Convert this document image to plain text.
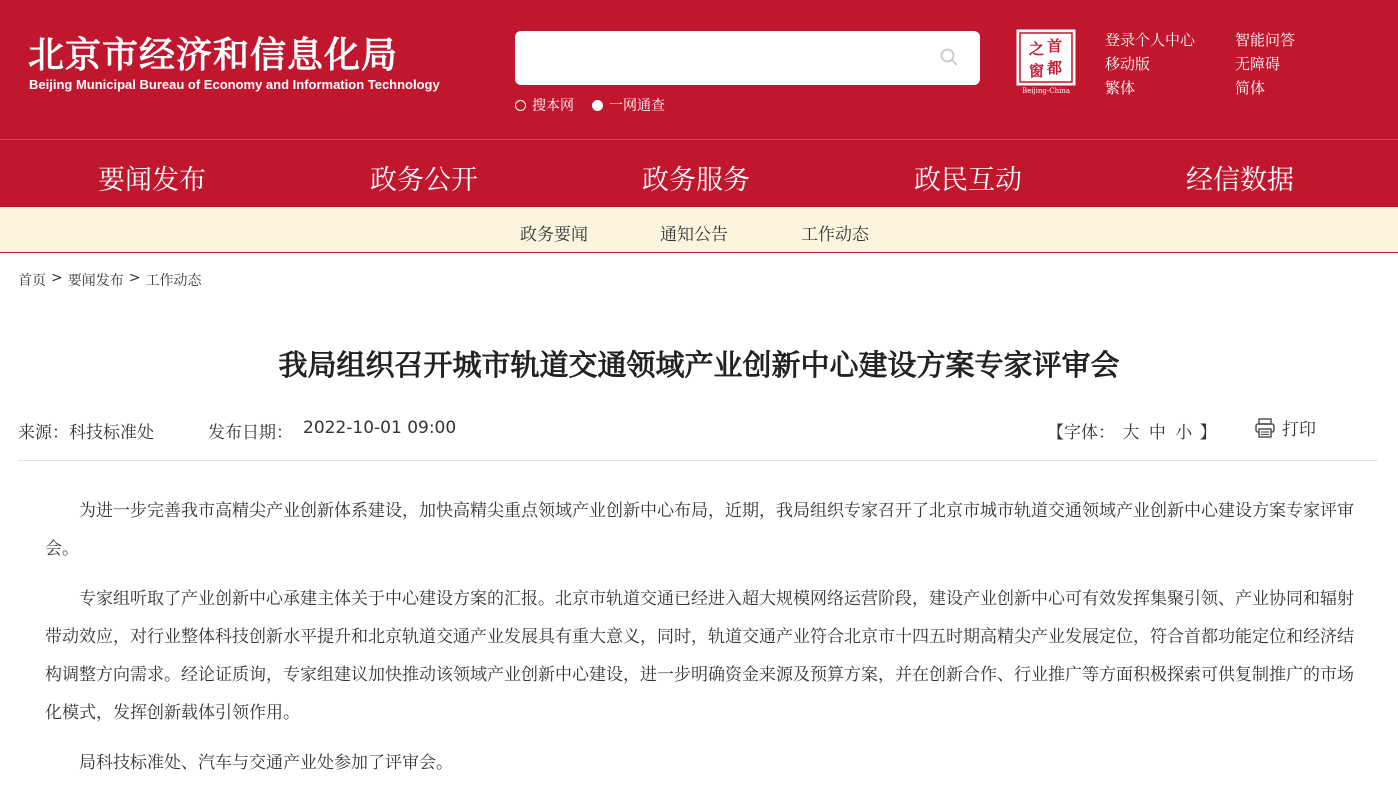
北京市经济和信息化局
Beijing Municipal Bureau of Economy and Information Technology
搜本网	一网通查
之 首
窗 都
Beijing-China
登录个人中心
移动版
繁体
智能问答
无障碍
简体
要闻发布	政务公开	政务服务	政民互动	经信数据
政务要闻	通知公告	工作动态
首页 > 要闻发布 > 工作动态
我局组织召开城市轨道交通领域产业创新中心建设方案专家评审会
来源：科技标准处	发布日期： 2022-10-01 09:00	【字体： 大 中 小 】	打印

为进一步完善我市高精尖产业创新体系建设，加快高精尖重点领域产业创新中心布局，近期，我局组织专家召开了北京市城市轨道交通领域产业创新中心建设方案专家评审会。

专家组听取了产业创新中心承建主体关于中心建设方案的汇报。北京市轨道交通已经进入超大规模网络运营阶段，建设产业创新中心可有效发挥集聚引领、产业协同和辐射带动效应，对行业整体科技创新水平提升和北京轨道交通产业发展具有重大意义，同时，轨道交通产业符合北京市十四五时期高精尖产业发展定位，符合首都功能定位和经济结构调整方向需求。经论证质询，专家组建议加快推动该领域产业创新中心建设，进一步明确资金来源及预算方案，并在创新合作、行业推广等方面积极探索可供复制推广的市场化模式，发挥创新载体引领作用。

局科技标准处、汽车与交通产业处参加了评审会。
